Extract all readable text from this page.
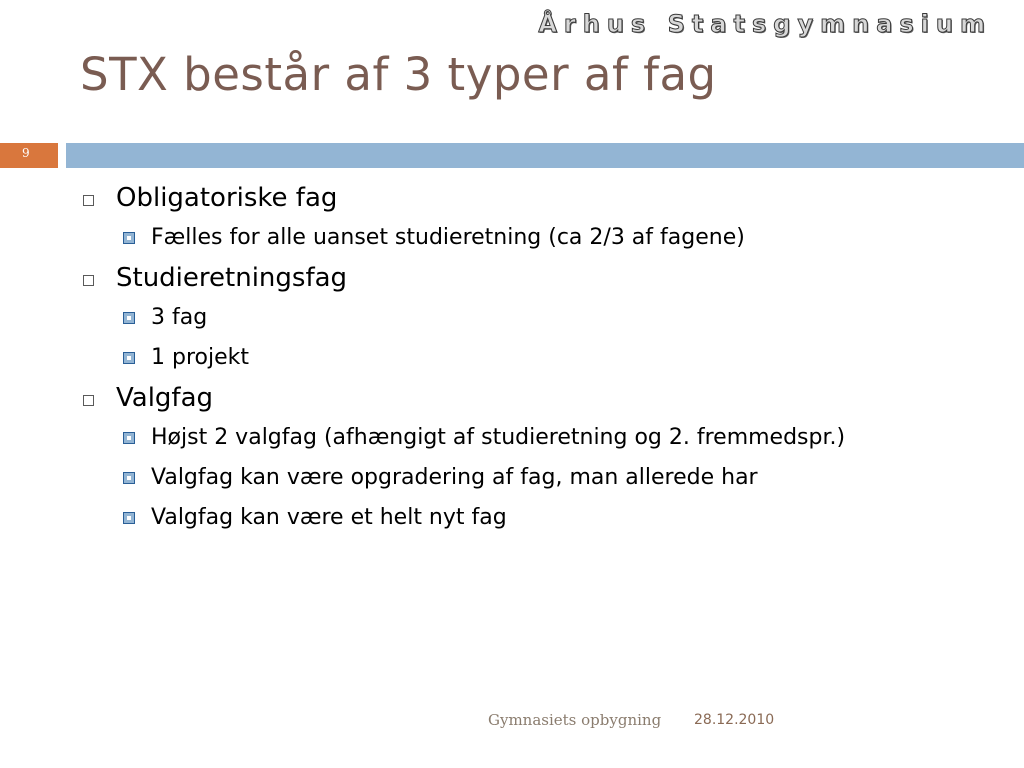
Århus Statsgymnasium
STX består af 3 typer af fag
9
Obligatoriske fag
Fælles for alle uanset studieretning (ca 2/3 af fagene)
Studieretningsfag
3 fag
1 projekt
Valgfag
Højst 2 valgfag (afhængigt af studieretning og 2. fremmedspr.)
Valgfag kan være opgradering af fag, man allerede har
Valgfag kan være et helt nyt fag
Gymnasiets opbygning 28.12.2010
